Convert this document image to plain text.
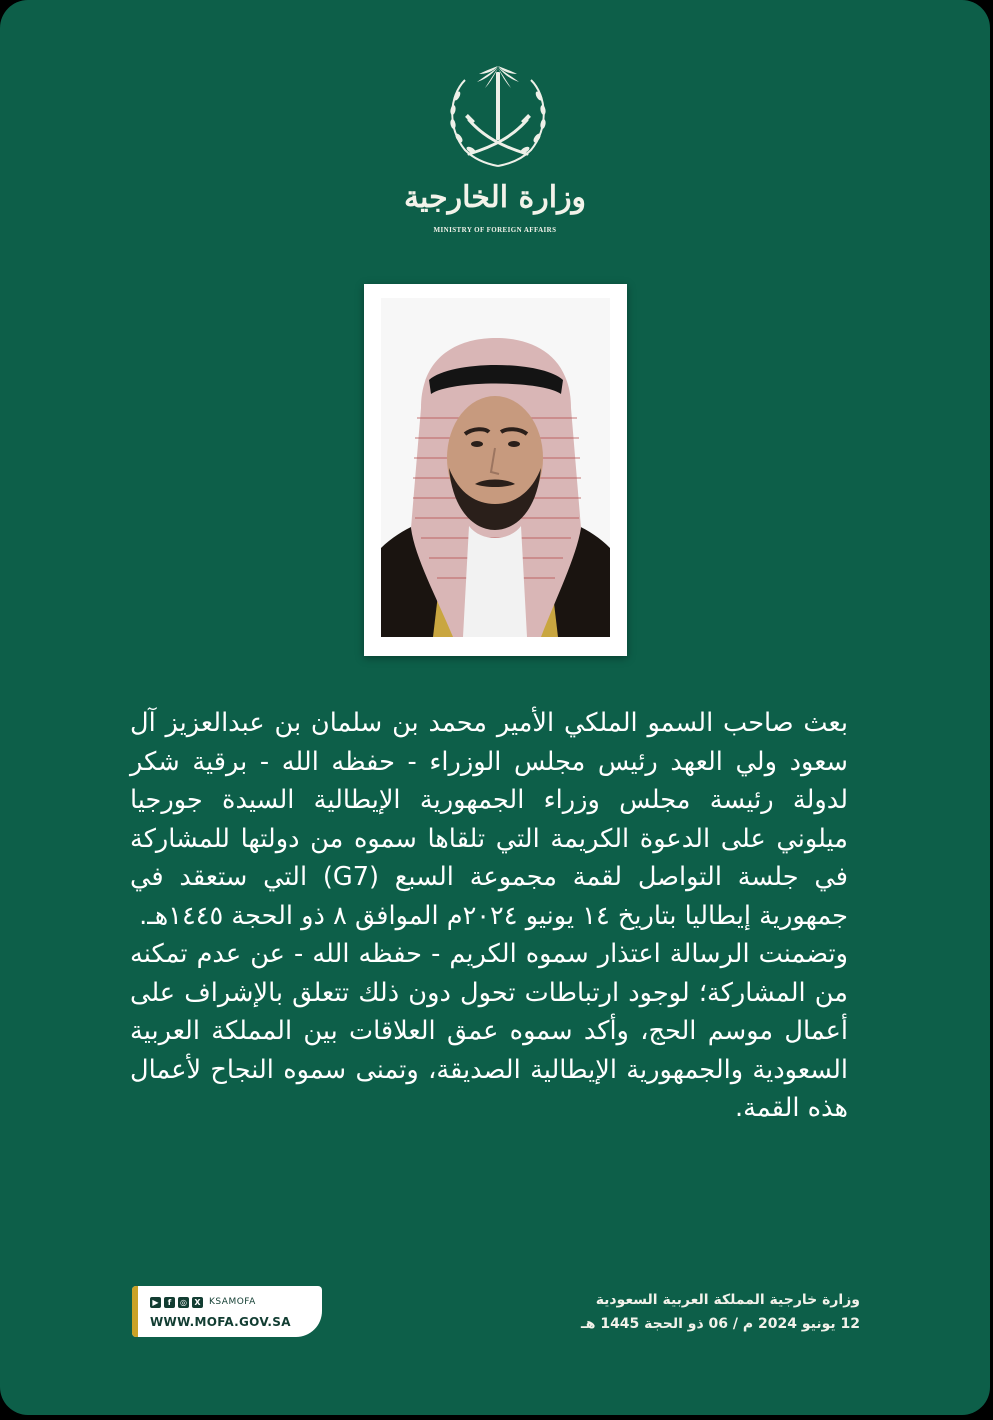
وزارة الخارجية
MINISTRY OF FOREIGN AFFAIRS

بعث صاحب السمو الملكي الأمير محمد بن سلمان بن عبدالعزيز آل سعود ولي العهد رئيس مجلس الوزراء - حفظه الله - برقية شكر لدولة رئيسة مجلس وزراء الجمهورية الإيطالية السيدة جورجيا ميلوني على الدعوة الكريمة التي تلقاها سموه من دولتها للمشاركة في جلسة التواصل لقمة مجموعة السبع (G7) التي ستعقد في جمهورية إيطاليا بتاريخ ١٤ يونيو ٢٠٢٤م الموافق ٨ ذو الحجة ١٤٤٥هـ.

وتضمنت الرسالة اعتذار سموه الكريم - حفظه الله - عن عدم تمكنه من المشاركة؛ لوجود ارتباطات تحول دون ذلك تتعلق بالإشراف على أعمال موسم الحج، وأكد سموه عمق العلاقات بين المملكة العربية السعودية والجمهورية الإيطالية الصديقة، وتمنى سموه النجاح لأعمال هذه القمة.

▶	f	◎ X KSAMOFA
WWW.MOFA.GOV.SA
وزارة خارجية المملكة العربية السعودية
12 يونيو 2024 م / 06 ذو الحجة 1445 هـ
